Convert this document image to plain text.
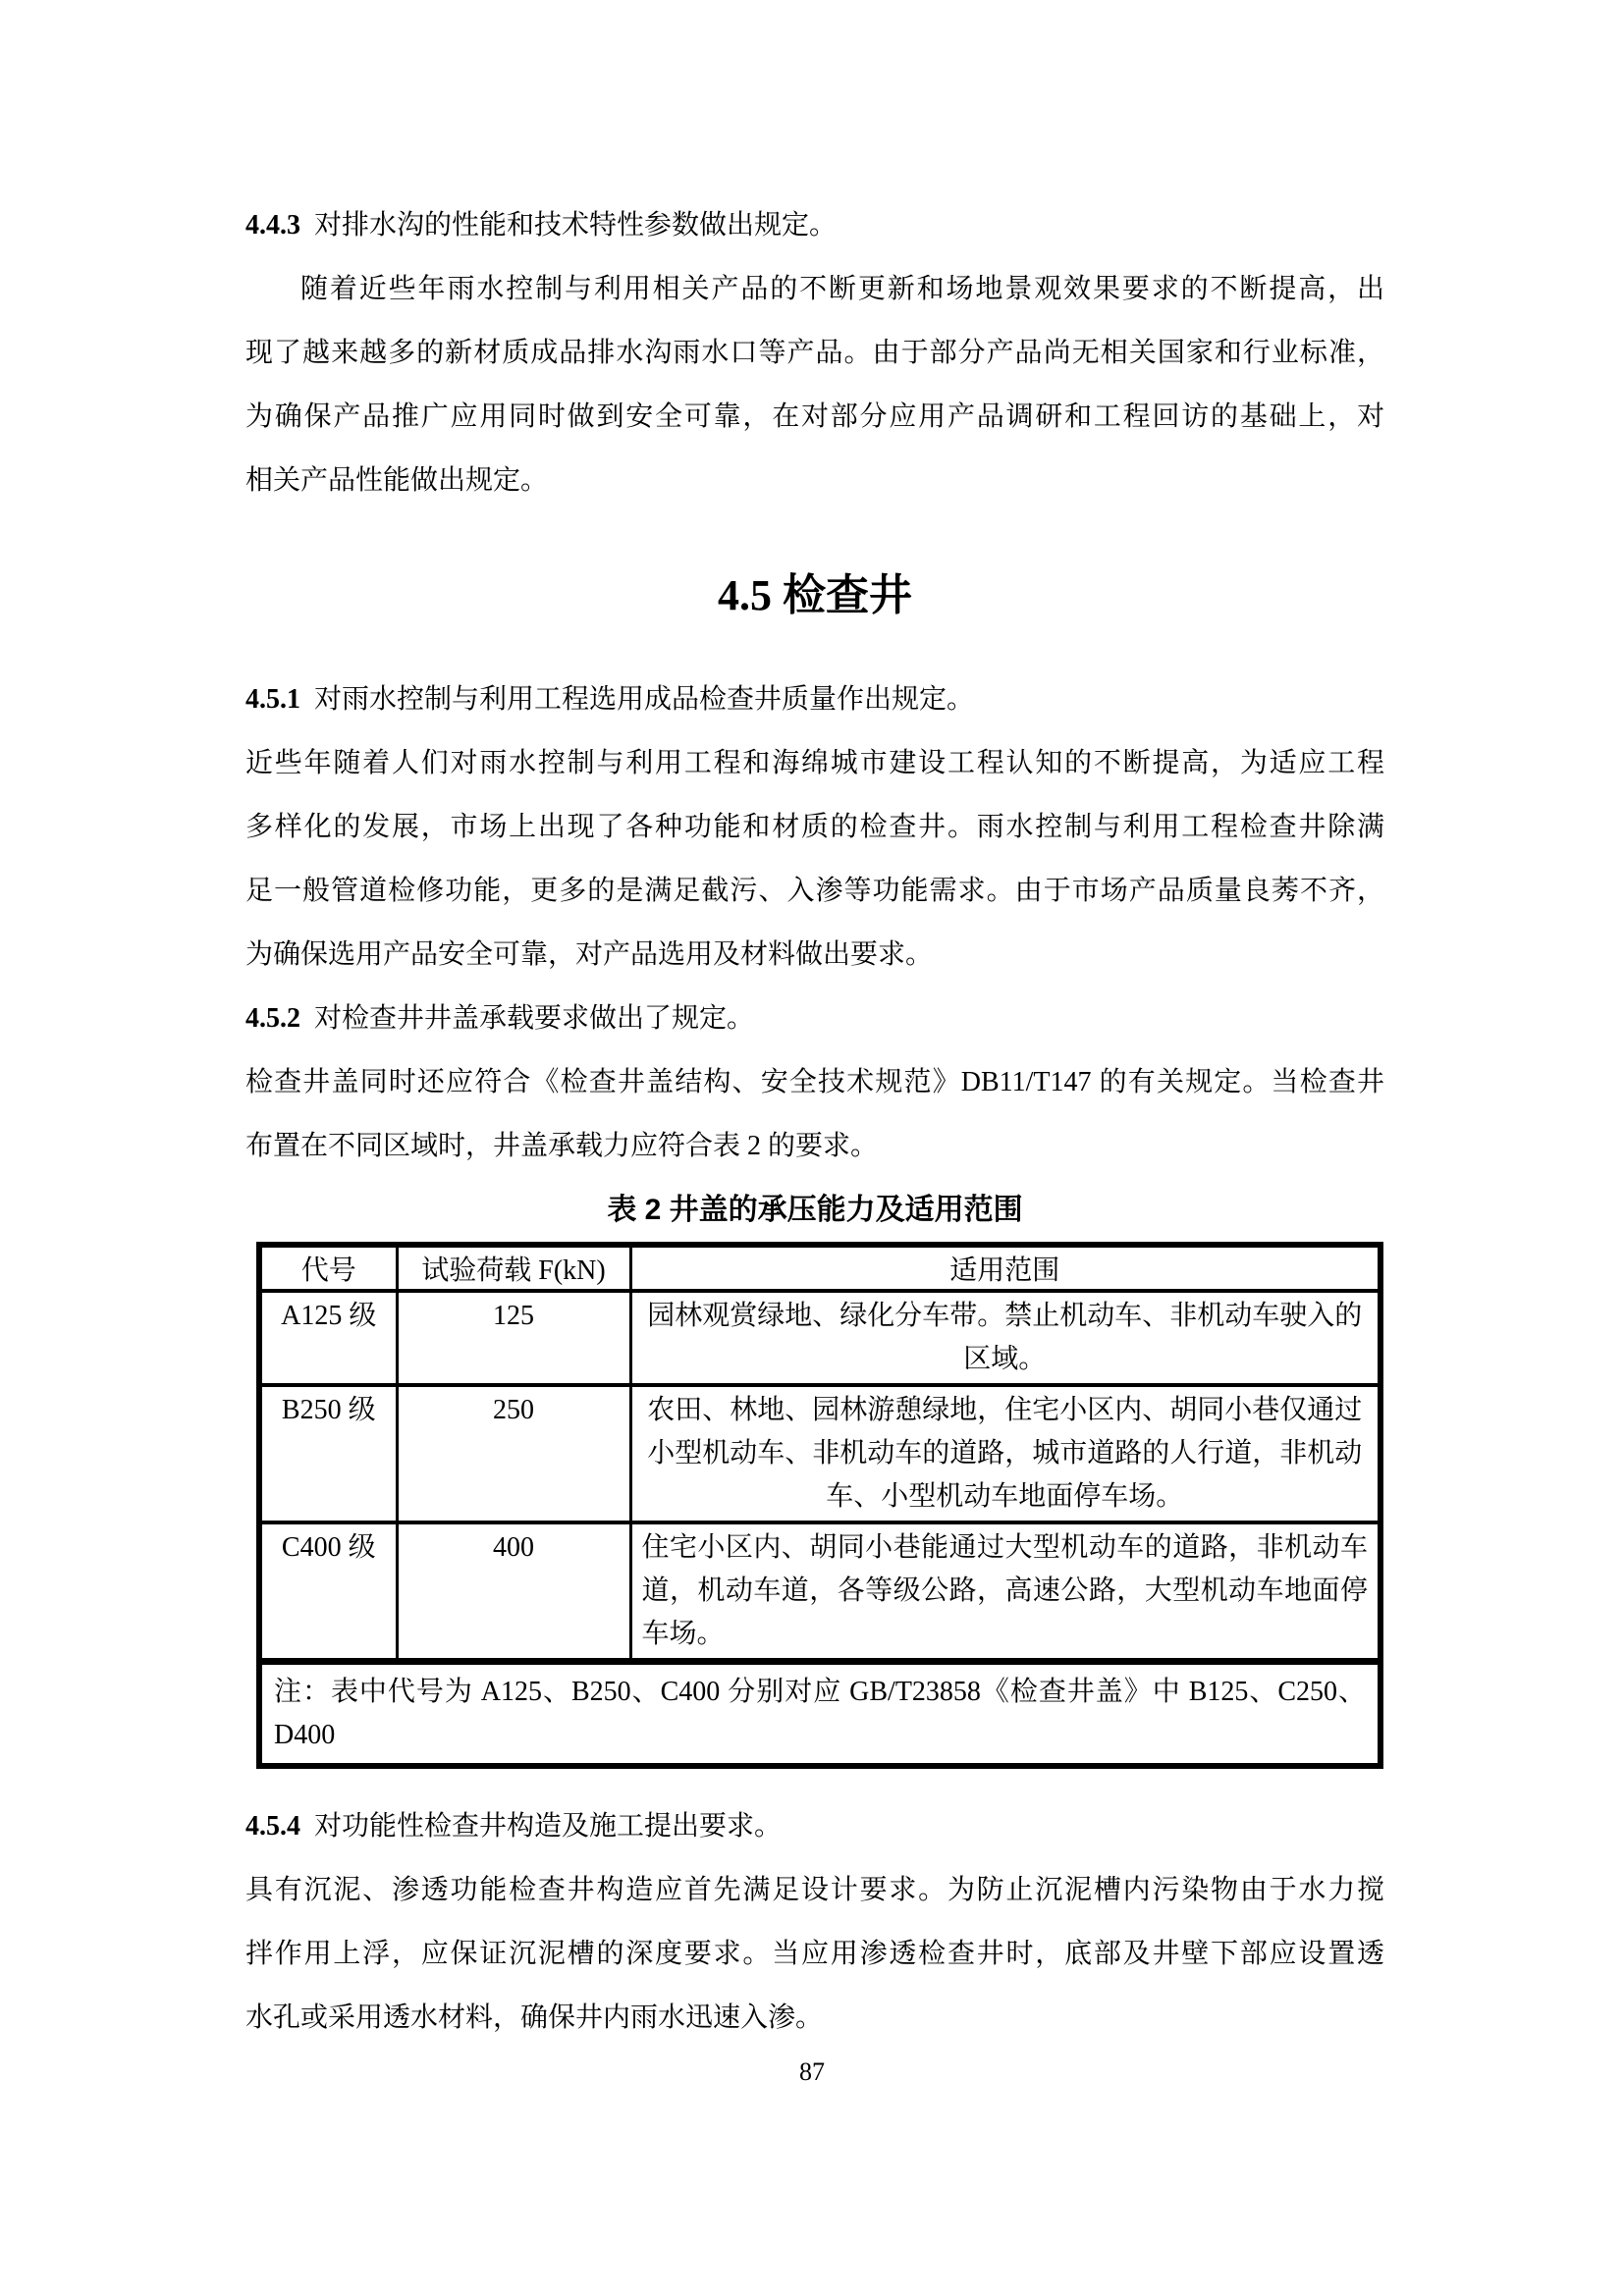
4.4.3 对排水沟的性能和技术特性参数做出规定。
随着近些年雨水控制与利用相关产品的不断更新和场地景观效果要求的不断提高，出
现了越来越多的新材质成品排水沟雨水口等产品。由于部分产品尚无相关国家和行业标准，
为确保产品推广应用同时做到安全可靠，在对部分应用产品调研和工程回访的基础上，对
相关产品性能做出规定。
4.5 检查井
4.5.1 对雨水控制与利用工程选用成品检查井质量作出规定。
近些年随着人们对雨水控制与利用工程和海绵城市建设工程认知的不断提高，为适应工程
多样化的发展，市场上出现了各种功能和材质的检查井。雨水控制与利用工程检查井除满
足一般管道检修功能，更多的是满足截污、入渗等功能需求。由于市场产品质量良莠不齐，
为确保选用产品安全可靠，对产品选用及材料做出要求。
4.5.2 对检查井井盖承载要求做出了规定。
检查井盖同时还应符合《检查井盖结构、安全技术规范》DB11/T147 的有关规定。当检查井
布置在不同区域时，井盖承载力应符合表 2 的要求。
表 2 井盖的承压能力及适用范围
代号	试验荷载 F(kN)	适用范围
A125 级	125	园林观赏绿地、绿化分车带。禁止机动车、非机动车驶入的区域。
B250 级	250	农田、林地、园林游憩绿地，住宅小区内、胡同小巷仅通过小型机动车、非机动车的道路，城市道路的人行道，非机动车、小型机动车地面停车场。
C400 级	400	住宅小区内、胡同小巷能通过大型机动车的道路，非机动车道，机动车道，各等级公路，高速公路，大型机动车地面停车场。
注：表中代号为 A125、B250、C400 分别对应 GB/T23858《检查井盖》中 B125、C250、D400		
4.5.4 对功能性检查井构造及施工提出要求。
具有沉泥、渗透功能检查井构造应首先满足设计要求。为防止沉泥槽内污染物由于水力搅
拌作用上浮，应保证沉泥槽的深度要求。当应用渗透检查井时，底部及井壁下部应设置透
水孔或采用透水材料，确保井内雨水迅速入渗。
87
